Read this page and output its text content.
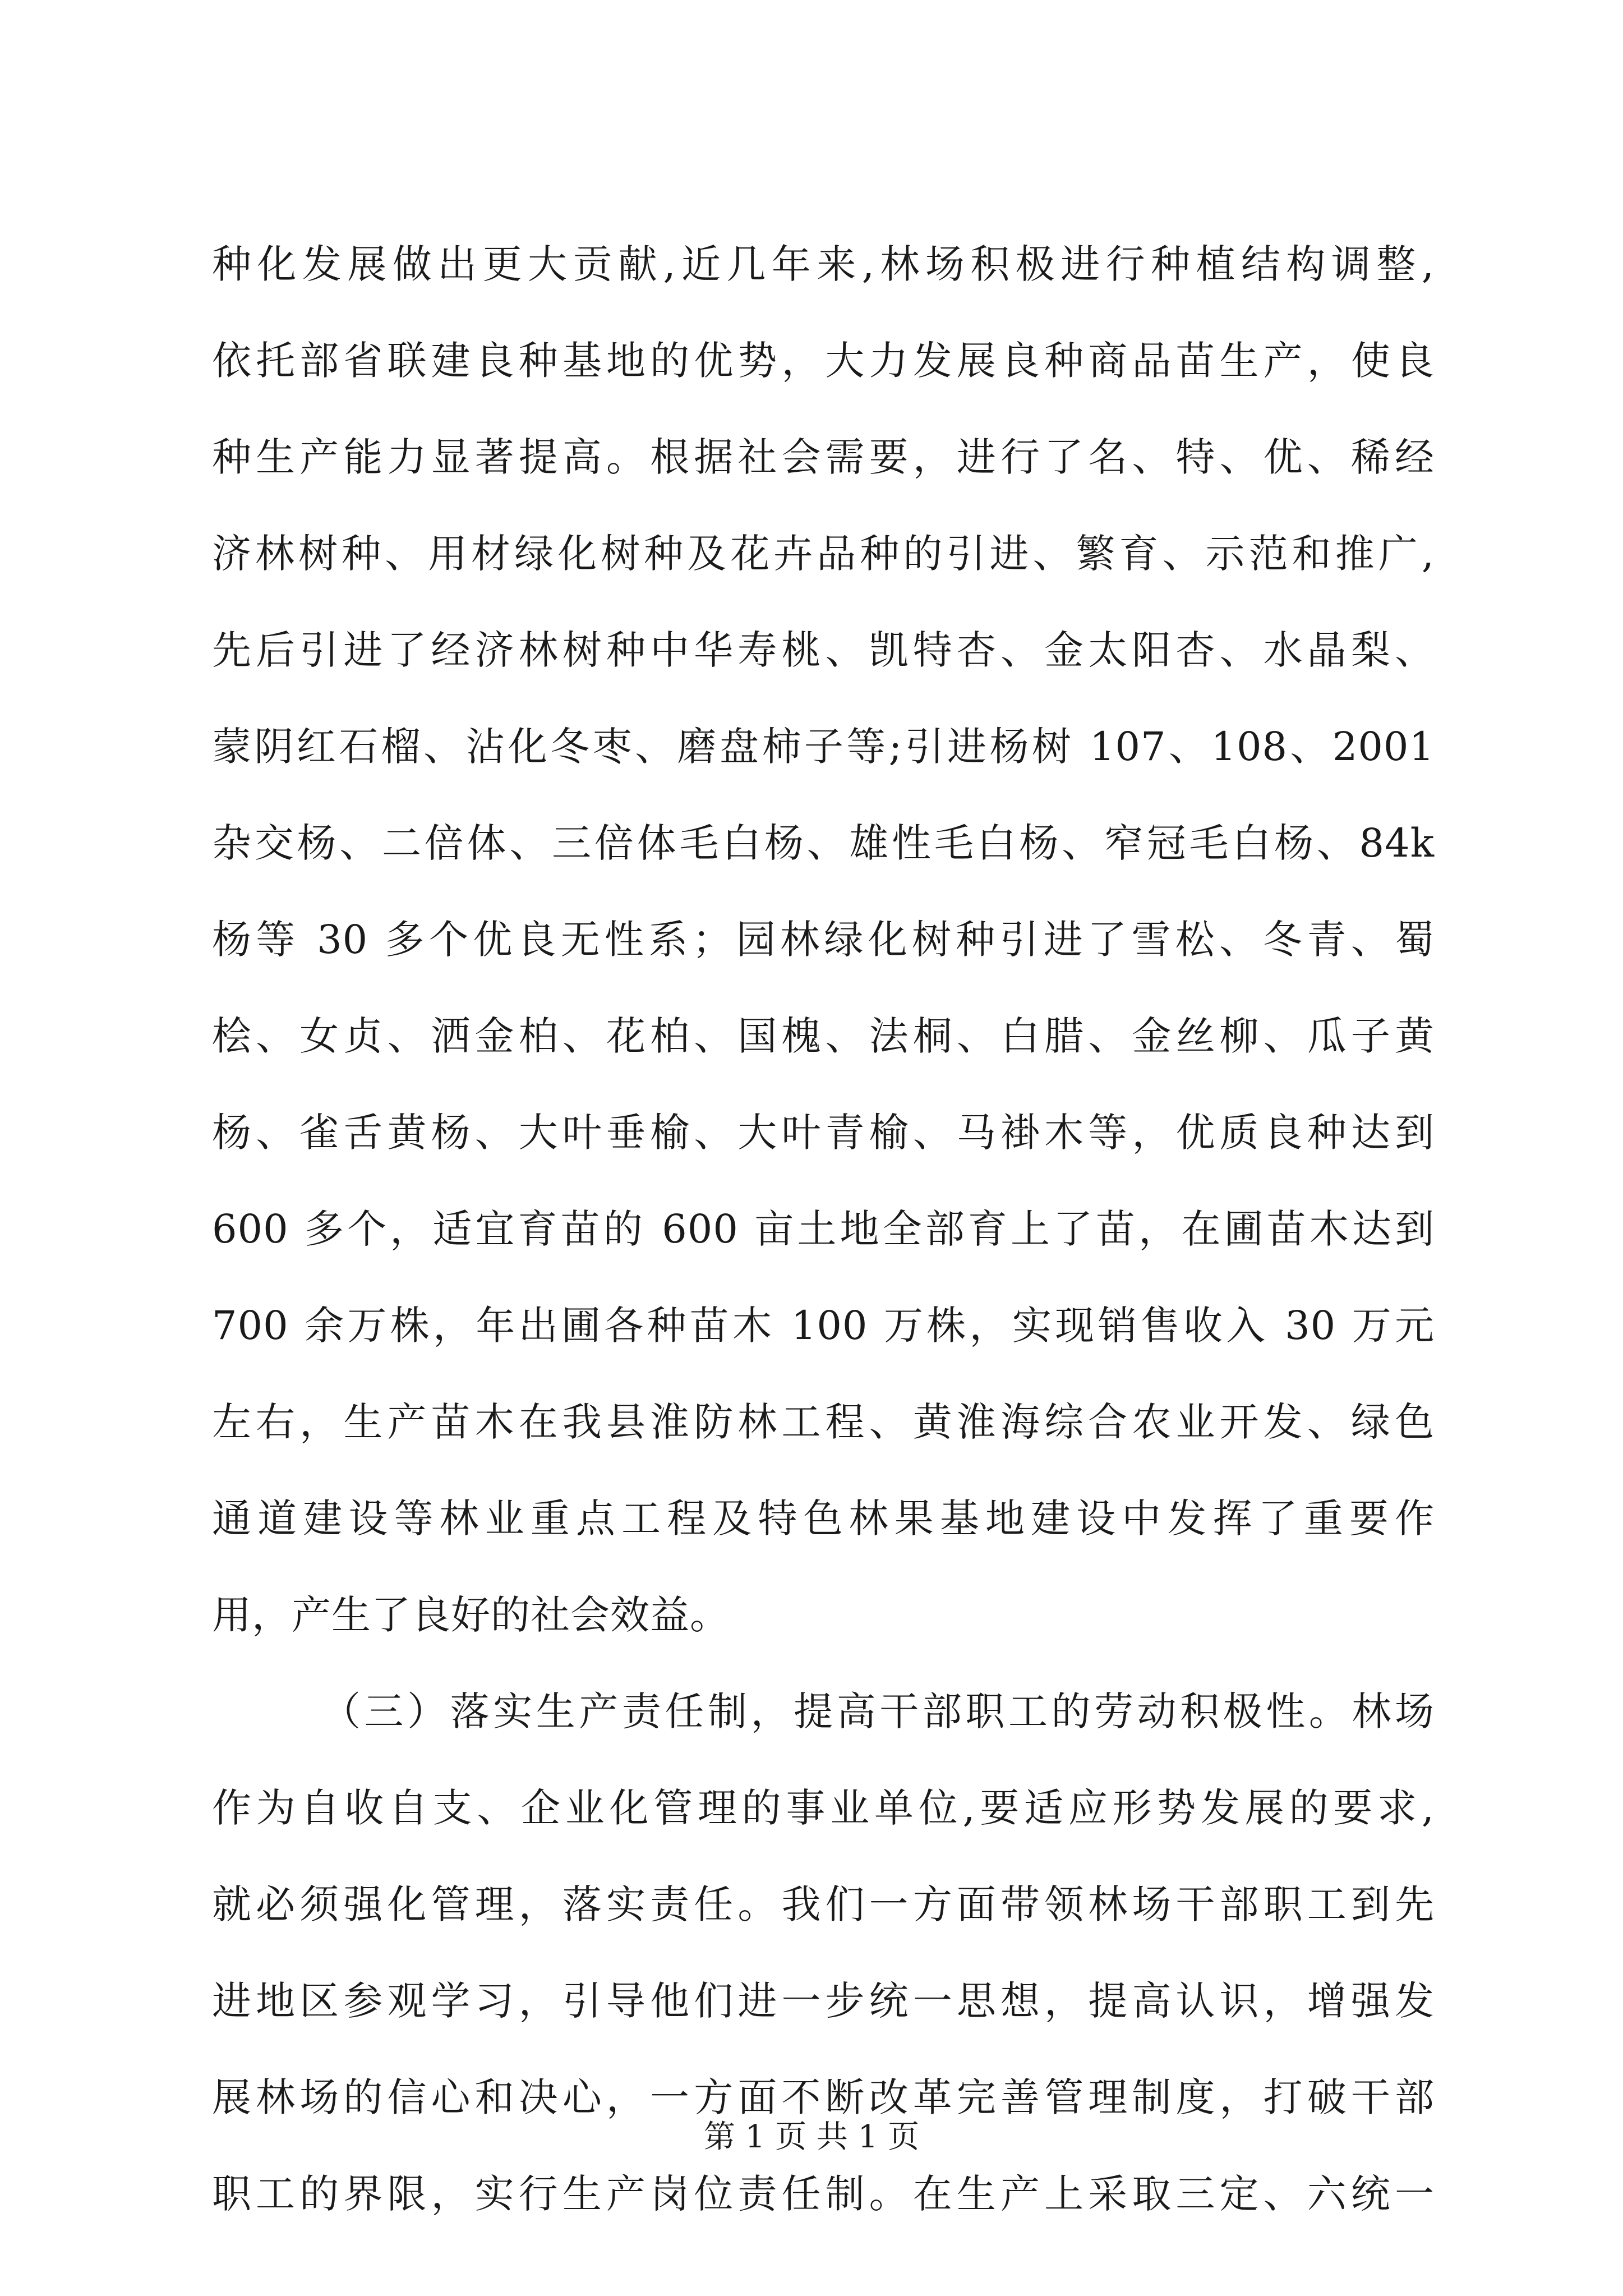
种化发展做出更大贡献,近几年来,林场积极进行种植结构调整,
依托部省联建良种基地的优势，大力发展良种商品苗生产，使良
种生产能力显著提高。根据社会需要，进行了名、特、优、稀经
济林树种、用材绿化树种及花卉品种的引进、繁育、示范和推广,
先后引进了经济林树种中华寿桃、凯特杏、金太阳杏、水晶梨、
蒙阴红石榴、沾化冬枣、磨盘柿子等;引进杨树 107、108、2001
杂交杨、二倍体、三倍体毛白杨、雄性毛白杨、窄冠毛白杨、84k
杨等 30 多个优良无性系；园林绿化树种引进了雪松、冬青、蜀
桧、女贞、洒金柏、花柏、国槐、法桐、白腊、金丝柳、瓜子黄
杨、雀舌黄杨、大叶垂榆、大叶青榆、马褂木等，优质良种达到
600 多个，适宜育苗的 600 亩土地全部育上了苗，在圃苗木达到
700 余万株，年出圃各种苗木 100 万株，实现销售收入 30 万元
左右，生产苗木在我县淮防林工程、黄淮海综合农业开发、绿色
通道建设等林业重点工程及特色林果基地建设中发挥了重要作
用，产生了良好的社会效益。
（三）落实生产责任制，提高干部职工的劳动积极性。林场
作为自收自支、企业化管理的事业单位,要适应形势发展的要求,
就必须强化管理，落实责任。我们一方面带领林场干部职工到先
进地区参观学习，引导他们进一步统一思想，提高认识，增强发
展林场的信心和决心，一方面不断改革完善管理制度，打破干部
职工的界限，实行生产岗位责任制。在生产上采取三定、六统一
第 1 页 共 1 页
